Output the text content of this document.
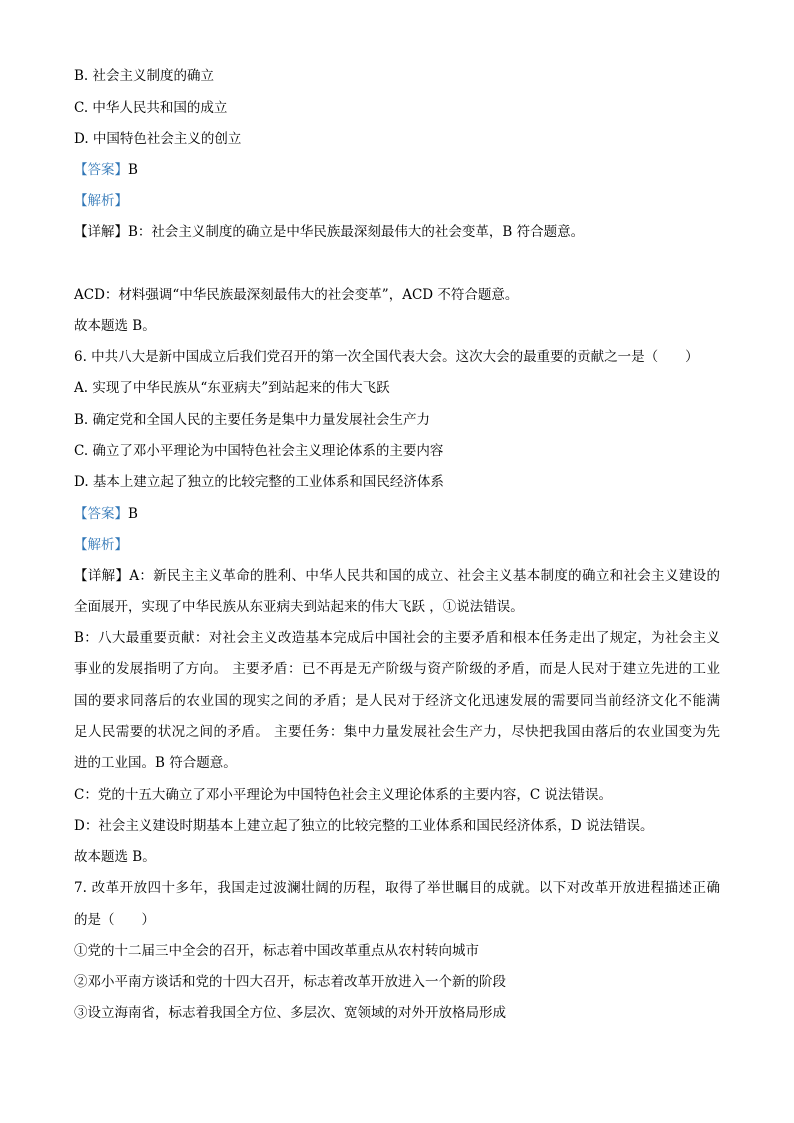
B. 社会主义制度的确立
C. 中华人民共和国的成立
D. 中国特色社会主义的创立
【答案】B
【解析】
【详解】B：社会主义制度的确立是中华民族最深刻最伟大的社会变革，B 符合题意。
ACD：材料强调“中华民族最深刻最伟大的社会变革”，ACD 不符合题意。
故本题选 B。
6. 中共八大是新中国成立后我们党召开的第一次全国代表大会。这次大会的最重要的贡献之一是（　　）
A. 实现了中华民族从“东亚病夫”到站起来的伟大飞跃
B. 确定党和全国人民的主要任务是集中力量发展社会生产力
C. 确立了邓小平理论为中国特色社会主义理论体系的主要内容
D. 基本上建立起了独立的比较完整的工业体系和国民经济体系
【答案】B
【解析】
【详解】A：新民主主义革命的胜利、中华人民共和国的成立、社会主义基本制度的确立和社会主义建设的
全面展开，实现了中华民族从东亚病夫到站起来的伟大飞跃 ，①说法错误。
B：八大最重要贡献：对社会主义改造基本完成后中国社会的主要矛盾和根本任务走出了规定，为社会主义
事业的发展指明了方向。 主要矛盾：已不再是无产阶级与资产阶级的矛盾，而是人民对于建立先进的工业
国的要求同落后的农业国的现实之间的矛盾；是人民对于经济文化迅速发展的需要同当前经济文化不能满
足人民需要的状况之间的矛盾。 主要任务：集中力量发展社会生产力，尽快把我国由落后的农业国变为先
进的工业国。B 符合题意。
C：党的十五大确立了邓小平理论为中国特色社会主义理论体系的主要内容，C 说法错误。
D：社会主义建设时期基本上建立起了独立的比较完整的工业体系和国民经济体系，D 说法错误。
故本题选 B。
7. 改革开放四十多年，我国走过波澜壮阔的历程，取得了举世瞩目的成就。以下对改革开放进程描述正确
的是（　　）
①党的十二届三中全会的召开，标志着中国改革重点从农村转向城市
②邓小平南方谈话和党的十四大召开，标志着改革开放进入一个新的阶段
③设立海南省，标志着我国全方位、多层次、宽领域的对外开放格局形成
